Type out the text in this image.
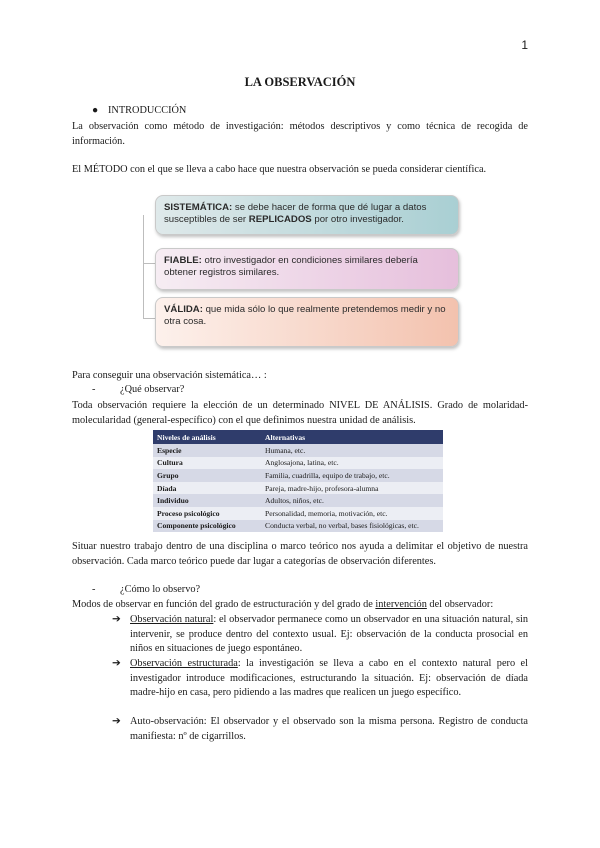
1
LA OBSERVACIÓN
● INTRODUCCIÓN
La observación como método de investigación: métodos descriptivos y como técnica de recogida de información.
El MÉTODO con el que se lleva a cabo hace que nuestra observación se pueda considerar científica.
SISTEMÁTICA: se debe hacer de forma que dé lugar a datos susceptibles de ser REPLICADOS por otro investigador.
FIABLE: otro investigador en condiciones similares debería obtener registros similares.
VÁLIDA: que mida sólo lo que realmente pretendemos medir y no otra cosa.
Para conseguir una observación sistemática… :
- ¿Qué observar?
Toda observación requiere la elección de un determinado NIVEL DE ANÁLISIS. Grado de molaridad-molecularidad (general-específico) con el que definimos nuestra unidad de análisis.
Niveles de análisis	Alternativas
Especie	Humana, etc.
Cultura	Anglosajona, latina, etc.
Grupo	Familia, cuadrilla, equipo de trabajo, etc.
Díada	Pareja, madre-hijo, profesora-alumna
Individuo	Adultos, niños, etc.
Proceso psicológico	Personalidad, memoria, motivación, etc.
Componente psicológico	Conducta verbal, no verbal, bases fisiológicas, etc.
Situar nuestro trabajo dentro de una disciplina o marco teórico nos ayuda a delimitar el objetivo de nuestra observación. Cada marco teórico puede dar lugar a categorías de observación diferentes.
- ¿Cómo lo observo?
Modos de observar en función del grado de estructuración y del grado de intervención del observador:
➔ Observación natural: el observador permanece como un observador en una situación natural, sin intervenir, se produce dentro del contexto usual. Ej: observación de la conducta prosocial en niños en situaciones de juego espontáneo.
➔ Observación estructurada: la investigación se lleva a cabo en el contexto natural pero el investigador introduce modificaciones, estructurando la situación. Ej: observación de díada madre-hijo en casa, pero pidiendo a las madres que realicen un juego específico.
➔ Auto-observación: El observador y el observado son la misma persona. Registro de conducta manifiesta: nº de cigarrillos.
